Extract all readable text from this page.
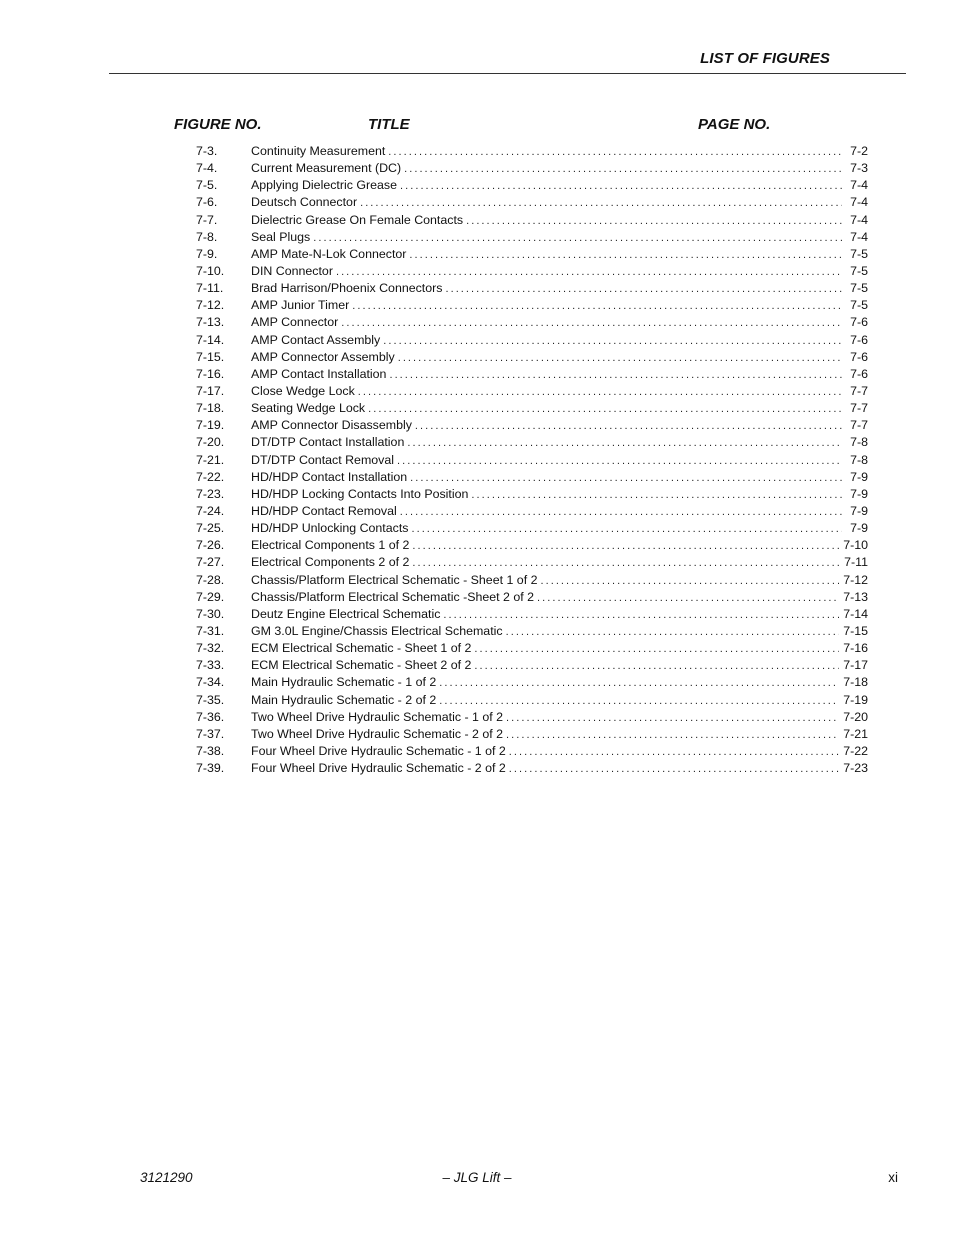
LIST OF FIGURES
FIGURE NO.	TITLE	PAGE NO.
7-3.	Continuity Measurement . . .	7-2
7-4.	Current Measurement (DC) . . .	7-3
7-5.	Applying Dielectric Grease . . .	7-4
7-6.	Deutsch Connector . . .	7-4
7-7.	Dielectric Grease On Female Contacts . . .	7-4
7-8.	Seal Plugs . . .	7-4
7-9.	AMP Mate-N-Lok Connector . . .	7-5
7-10.	DIN Connector . . .	7-5
7-11.	Brad Harrison/Phoenix Connectors . . .	7-5
7-12.	AMP Junior Timer . . .	7-5
7-13.	AMP Connector . . .	7-6
7-14.	AMP Contact Assembly . . .	7-6
7-15.	AMP Connector Assembly . . .	7-6
7-16.	AMP Contact Installation . . .	7-6
7-17.	Close Wedge Lock . . .	7-7
7-18.	Seating Wedge Lock . . .	7-7
7-19.	AMP Connector Disassembly . . .	7-7
7-20.	DT/DTP Contact Installation . . .	7-8
7-21.	DT/DTP Contact Removal . . .	7-8
7-22.	HD/HDP Contact Installation . . .	7-9
7-23.	HD/HDP Locking Contacts Into Position . . .	7-9
7-24.	HD/HDP Contact Removal . . .	7-9
7-25.	HD/HDP Unlocking Contacts . . .	7-9
7-26.	Electrical Components 1 of 2 . . .	7-10
7-27.	Electrical Components 2 of 2 . . .	7-11
7-28.	Chassis/Platform Electrical Schematic - Sheet 1 of 2 . . .	7-12
7-29.	Chassis/Platform Electrical Schematic -Sheet 2 of 2 . . .	7-13
7-30.	Deutz Engine Electrical Schematic . . .	7-14
7-31.	GM 3.0L Engine/Chassis Electrical Schematic . . .	7-15
7-32.	ECM Electrical Schematic - Sheet 1 of 2 . . .	7-16
7-33.	ECM Electrical Schematic - Sheet 2 of 2 . . .	7-17
7-34.	Main Hydraulic Schematic - 1 of 2 . . .	7-18
7-35.	Main Hydraulic Schematic - 2 of 2 . . .	7-19
7-36.	Two Wheel Drive Hydraulic Schematic - 1 of 2 . . .	7-20
7-37.	Two Wheel Drive Hydraulic Schematic - 2 of 2 . . .	7-21
7-38.	Four Wheel Drive Hydraulic Schematic - 1 of 2 . . .	7-22
7-39.	Four Wheel Drive Hydraulic Schematic - 2 of 2 . . .	7-23
3121290	– JLG Lift –	xi
